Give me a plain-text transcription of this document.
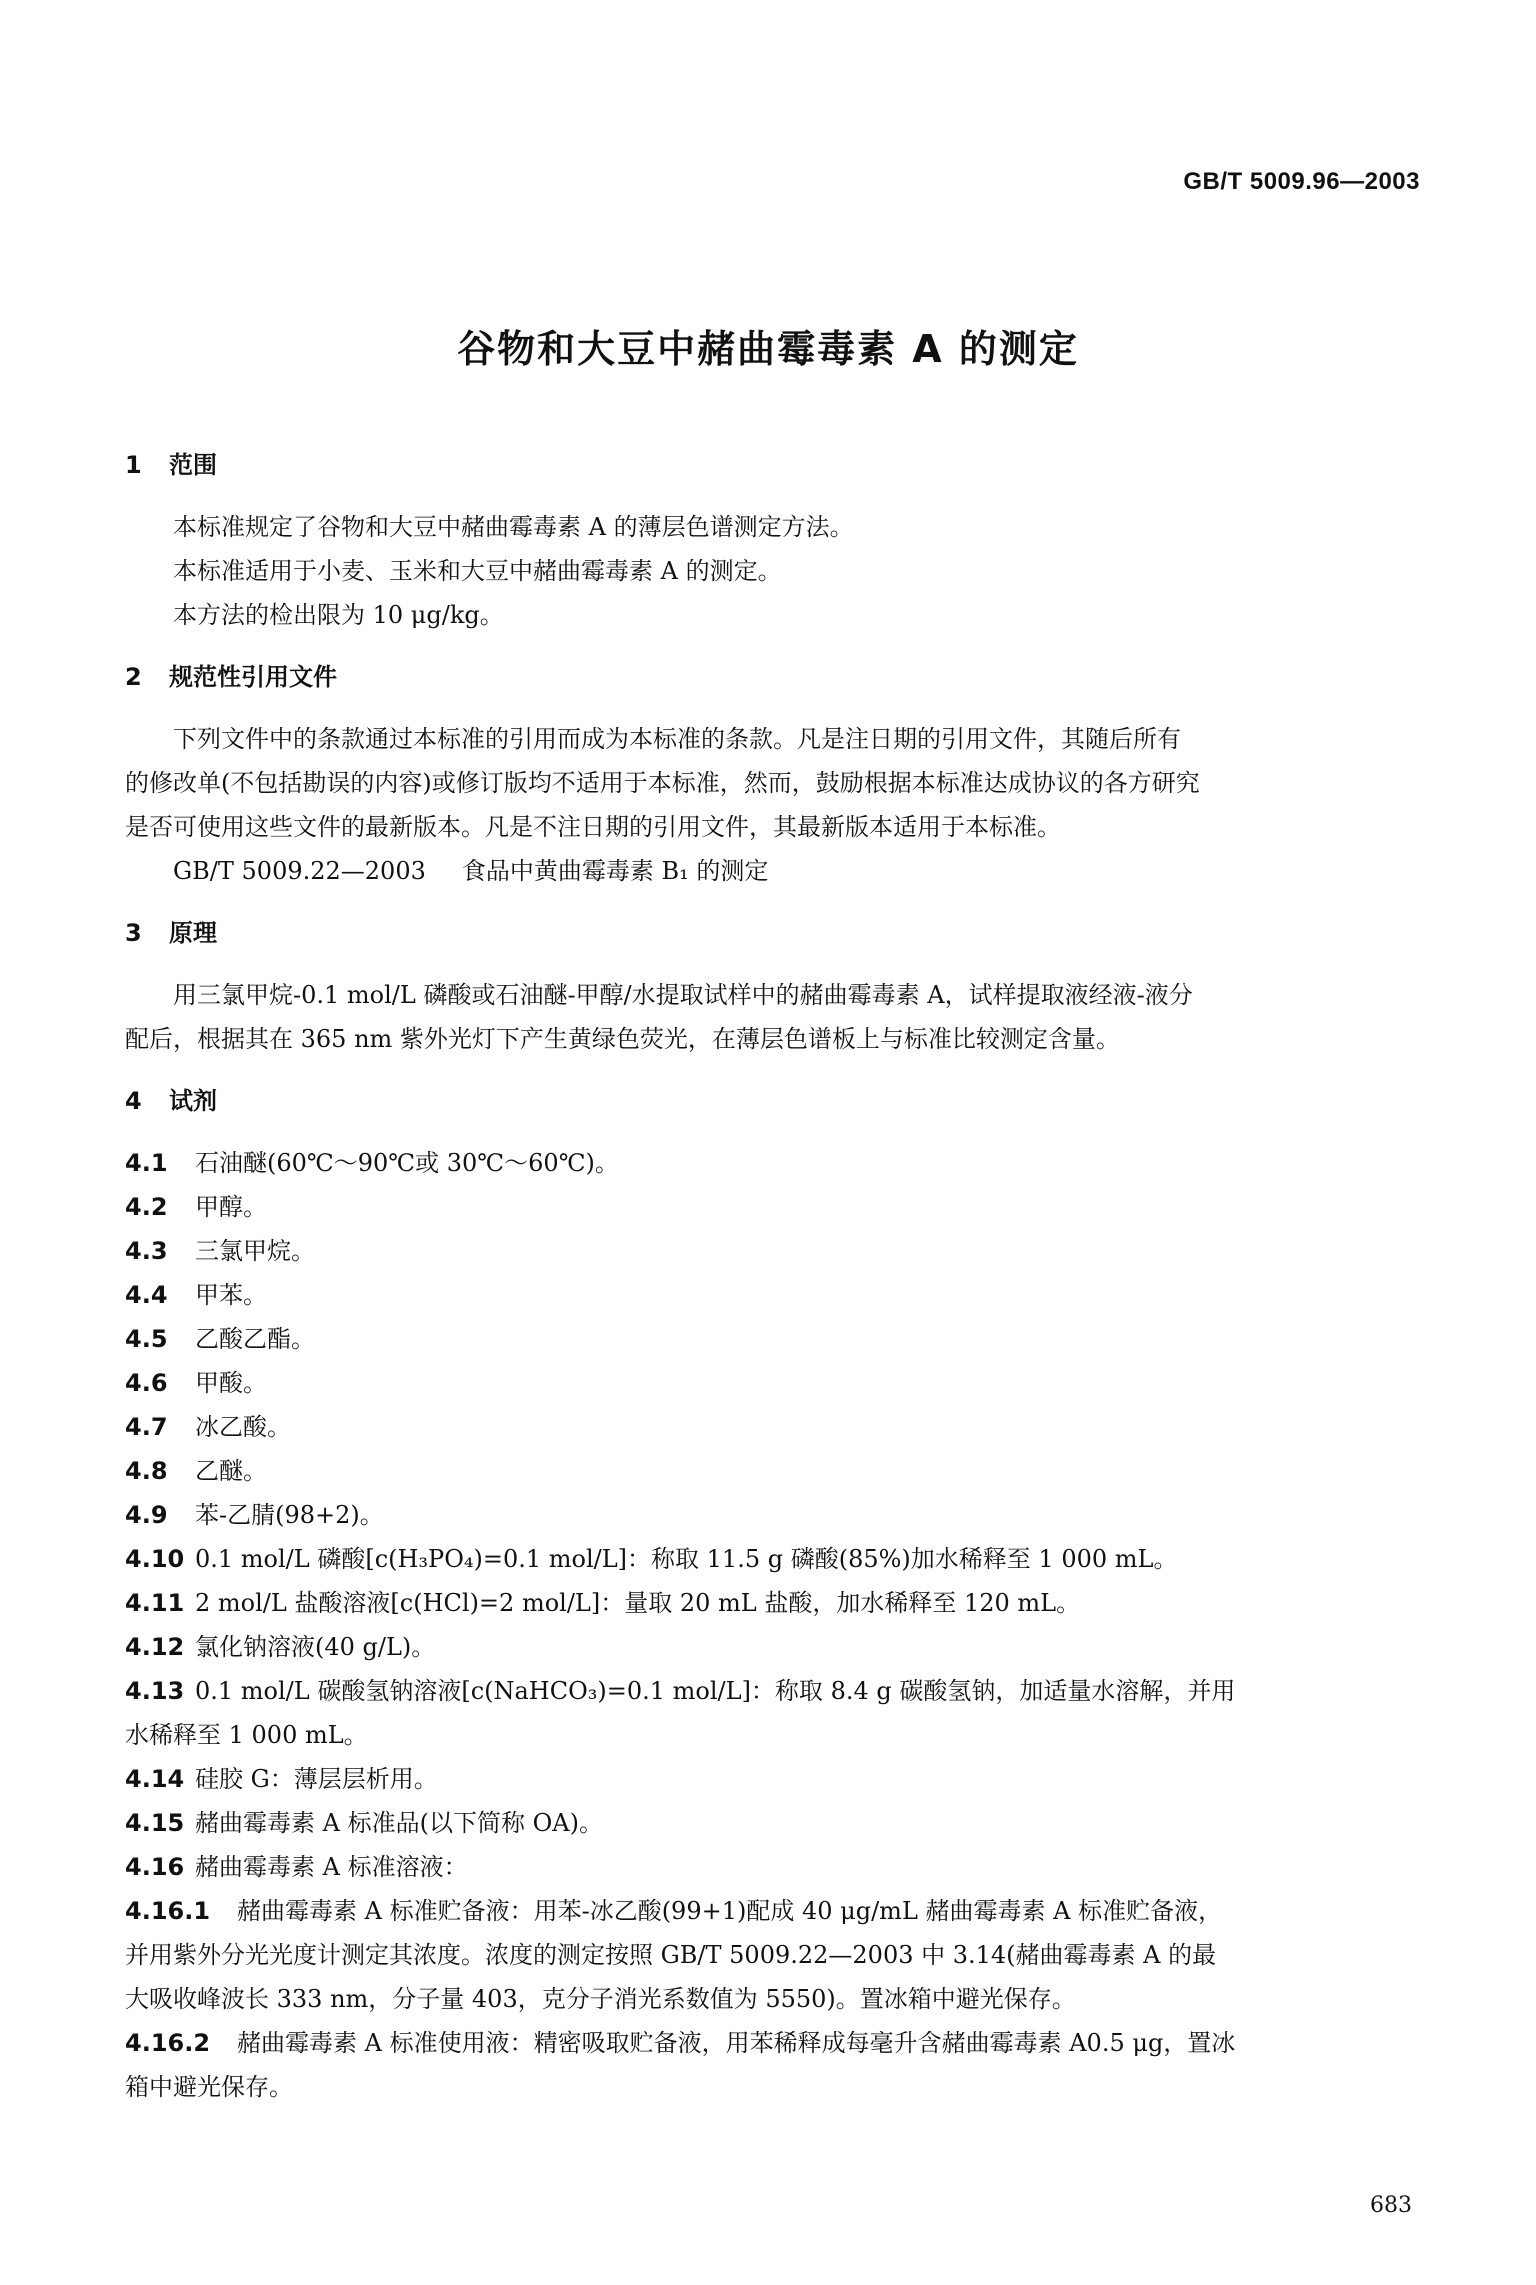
GB/T 5009.96—2003
谷物和大豆中赭曲霉毒素 A 的测定
1 范围

本标准规定了谷物和大豆中赭曲霉毒素 A 的薄层色谱测定方法。

本标准适用于小麦、玉米和大豆中赭曲霉毒素 A 的测定。

本方法的检出限为 10 μg/kg。

2 规范性引用文件

下列文件中的条款通过本标准的引用而成为本标准的条款。凡是注日期的引用文件，其随后所有

的修改单(不包括勘误的内容)或修订版均不适用于本标准，然而，鼓励根据本标准达成协议的各方研究

是否可使用这些文件的最新版本。凡是不注日期的引用文件，其最新版本适用于本标准。

GB/T 5009.22—2003 食品中黄曲霉毒素 B₁ 的测定

3 原理

用三氯甲烷-0.1 mol/L 磷酸或石油醚-甲醇/水提取试样中的赭曲霉毒素 A，试样提取液经液-液分

配后，根据其在 365 nm 紫外光灯下产生黄绿色荧光，在薄层色谱板上与标准比较测定含量。

4 试剂

4.1 石油醚(60℃～90℃或 30℃～60℃)。

4.2 甲醇。

4.3 三氯甲烷。

4.4 甲苯。

4.5 乙酸乙酯。

4.6 甲酸。

4.7 冰乙酸。

4.8 乙醚。

4.9 苯-乙腈(98+2)。

4.10 0.1 mol/L 磷酸[c(H₃PO₄)=0.1 mol/L]：称取 11.5 g 磷酸(85%)加水稀释至 1 000 mL。

4.11 2 mol/L 盐酸溶液[c(HCl)=2 mol/L]：量取 20 mL 盐酸，加水稀释至 120 mL。

4.12 氯化钠溶液(40 g/L)。

4.13 0.1 mol/L 碳酸氢钠溶液[c(NaHCO₃)=0.1 mol/L]：称取 8.4 g 碳酸氢钠，加适量水溶解，并用

水稀释至 1 000 mL。

4.14 硅胶 G：薄层层析用。

4.15 赭曲霉毒素 A 标准品(以下简称 OA)。

4.16 赭曲霉毒素 A 标准溶液：

4.16.1 赭曲霉毒素 A 标准贮备液：用苯-冰乙酸(99+1)配成 40 μg/mL 赭曲霉毒素 A 标准贮备液，

并用紫外分光光度计测定其浓度。浓度的测定按照 GB/T 5009.22—2003 中 3.14(赭曲霉毒素 A 的最

大吸收峰波长 333 nm，分子量 403，克分子消光系数值为 5550)。置冰箱中避光保存。

4.16.2 赭曲霉毒素 A 标准使用液：精密吸取贮备液，用苯稀释成每毫升含赭曲霉毒素 A0.5 μg，置冰

箱中避光保存。

683
